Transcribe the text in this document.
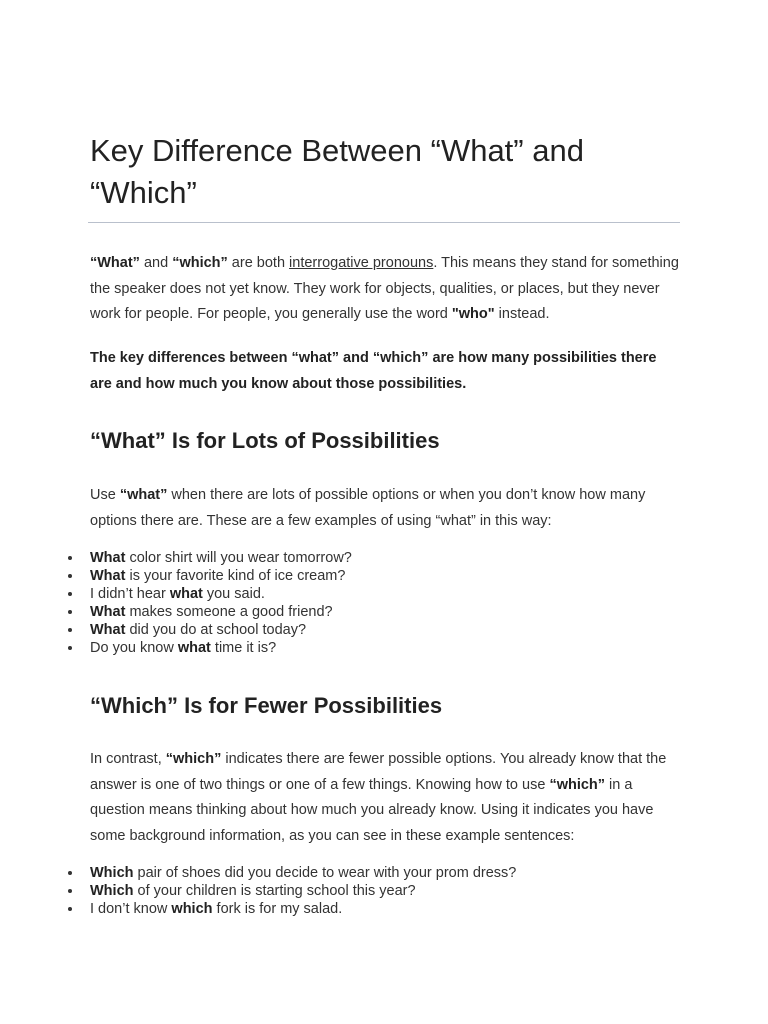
Key Difference Between “What” and “Which”

“What” and “which” are both interrogative pronouns. This means they stand for something the speaker does not yet know. They work for objects, qualities, or places, but they never work for people. For people, you generally use the word "who" instead.

The key differences between “what” and “which” are how many possibilities there are and how much you know about those possibilities.

“What” Is for Lots of Possibilities

Use “what” when there are lots of possible options or when you don’t know how many options there are. These are a few examples of using “what” in this way:

What color shirt will you wear tomorrow?
What is your favorite kind of ice cream?
I didn’t hear what you said.
What makes someone a good friend?
What did you do at school today?
Do you know what time it is?
“Which” Is for Fewer Possibilities

In contrast, “which” indicates there are fewer possible options. You already know that the answer is one of two things or one of a few things. Knowing how to use “which” in a question means thinking about how much you already know. Using it indicates you have some background information, as you can see in these example sentences:

Which pair of shoes did you decide to wear with your prom dress?
Which of your children is starting school this year?
I don’t know which fork is for my salad.
